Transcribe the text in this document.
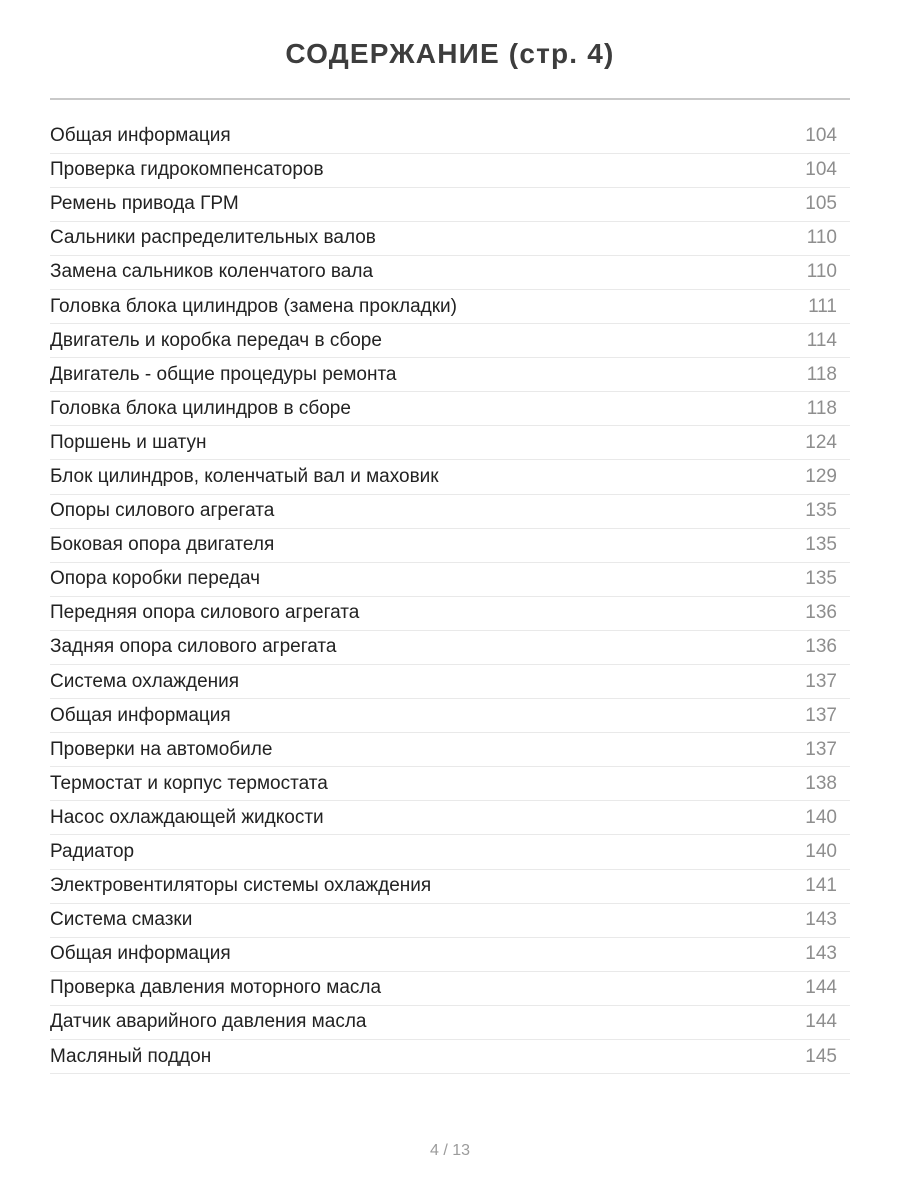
СОДЕРЖАНИЕ (стр. 4)
Общая информация	104
Проверка гидрокомпенсаторов	104
Ремень привода ГРМ	105
Сальники распределительных валов	110
Замена сальников коленчатого вала	110
Головка блока цилиндров (замена прокладки)	111
Двигатель и коробка передач в сборе	114
Двигатель - общие процедуры ремонта	118
Головка блока цилиндров в сборе	118
Поршень и шатун	124
Блок цилиндров, коленчатый вал и маховик	129
Опоры силового агрегата	135
Боковая опора двигателя	135
Опора коробки передач	135
Передняя опора силового агрегата	136
Задняя опора силового агрегата	136
Система охлаждения	137
Общая информация	137
Проверки на автомобиле	137
Термостат и корпус термостата	138
Насос охлаждающей жидкости	140
Радиатор	140
Электровентиляторы системы охлаждения	141
Система смазки	143
Общая информация	143
Проверка давления моторного масла	144
Датчик аварийного давления масла	144
Масляный поддон	145
4 / 13
